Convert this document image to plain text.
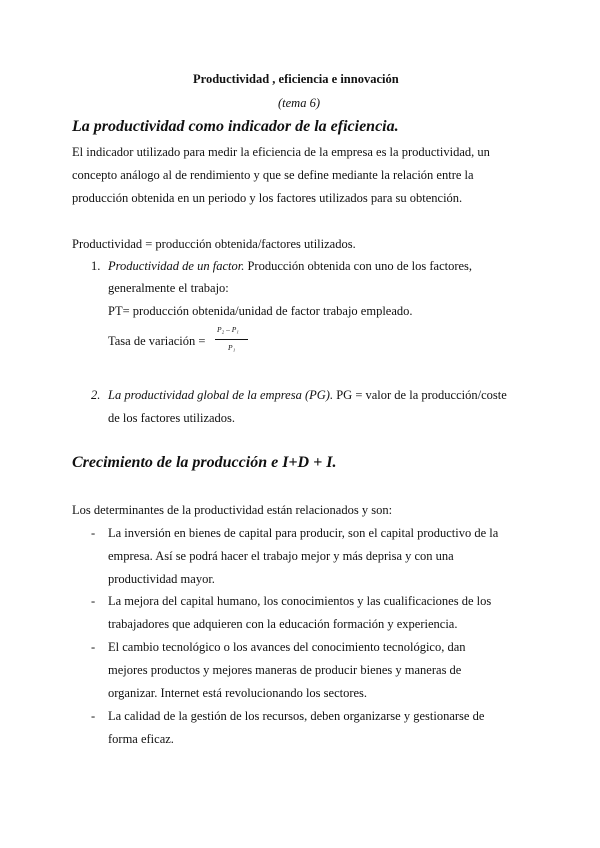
Productividad , eficiencia e innovación
(tema 6)
La productividad como indicador de la eficiencia.
El indicador utilizado para medir la eficiencia de la empresa es la productividad, un
concepto análogo al de rendimiento y que se define mediante la relación entre la
producción obtenida en un periodo y los factores utilizados para su obtención.
Productividad = producción obtenida/factores utilizados.
1. Productividad de un factor. Producción obtenida con uno de los factores,
generalmente el trabajo:
PT= producción obtenida/unidad de factor trabajo empleado.
Tasa de variación =
P₂ – P₁
P₁
2. La productividad global de la empresa (PG). PG = valor de la producción/coste
de los factores utilizados.
Crecimiento de la producción e I+D + I.
Los determinantes de la productividad están relacionados y son:
- La inversión en bienes de capital para producir, son el capital productivo de la
empresa. Así se podrá hacer el trabajo mejor y más deprisa y con una
productividad mayor.
- La mejora del capital humano, los conocimientos y las cualificaciones de los
trabajadores que adquieren con la educación formación y experiencia.
- El cambio tecnológico o los avances del conocimiento tecnológico, dan
mejores productos y mejores maneras de producir bienes y maneras de
organizar. Internet está revolucionando los sectores.
- La calidad de la gestión de los recursos, deben organizarse y gestionarse de
forma eficaz.
